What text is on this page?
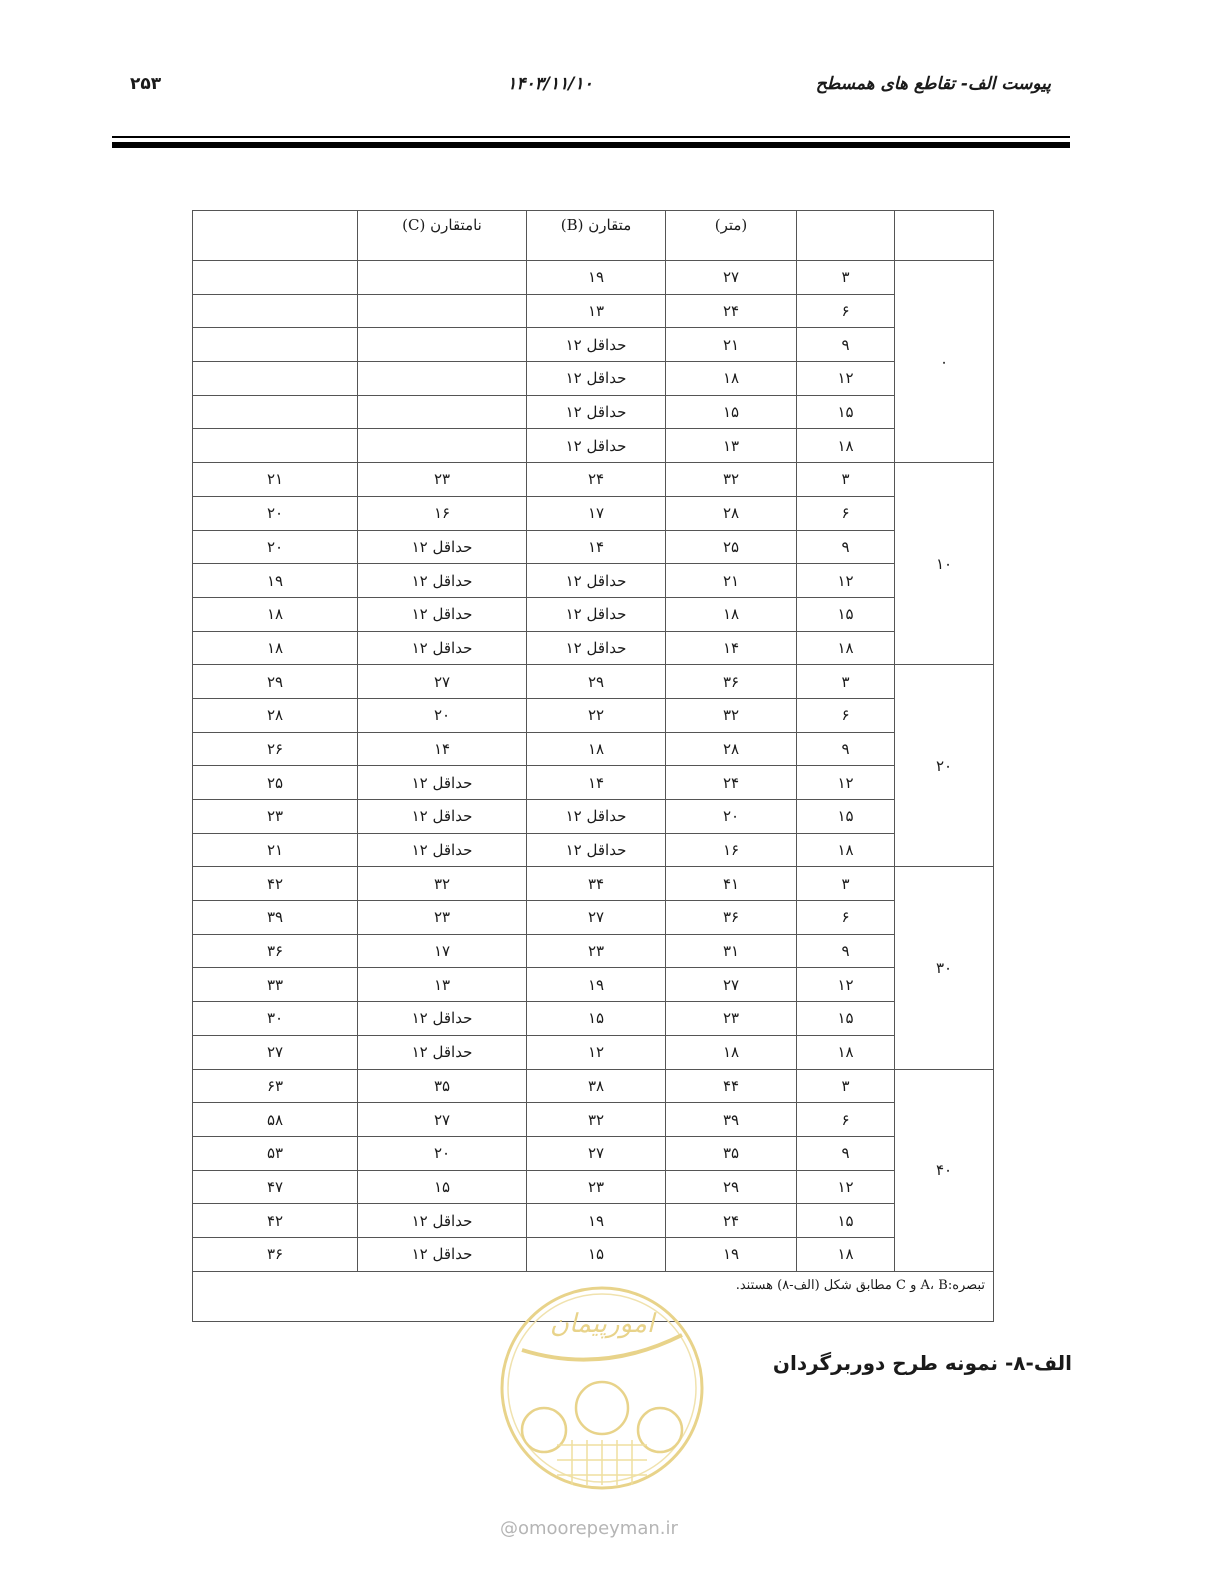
پیوست الف- تقاطع های همسطح
۱۴۰۳/۱۱/۱۰
۲۵۳
		(متر)	متقارن (B)	نامتقارن (C)	
۰	۳	۲۷	۱۹		
	۶	۲۴	۱۳		
	۹	۲۱	حداقل ۱۲		
	۱۲	۱۸	حداقل ۱۲		
	۱۵	۱۵	حداقل ۱۲		
	۱۸	۱۳	حداقل ۱۲		
۱۰	۳	۳۲	۲۴	۲۳	۲۱
	۶	۲۸	۱۷	۱۶	۲۰
	۹	۲۵	۱۴	حداقل ۱۲	۲۰
	۱۲	۲۱	حداقل ۱۲	حداقل ۱۲	۱۹
	۱۵	۱۸	حداقل ۱۲	حداقل ۱۲	۱۸
	۱۸	۱۴	حداقل ۱۲	حداقل ۱۲	۱۸
۲۰	۳	۳۶	۲۹	۲۷	۲۹
	۶	۳۲	۲۲	۲۰	۲۸
	۹	۲۸	۱۸	۱۴	۲۶
	۱۲	۲۴	۱۴	حداقل ۱۲	۲۵
	۱۵	۲۰	حداقل ۱۲	حداقل ۱۲	۲۳
	۱۸	۱۶	حداقل ۱۲	حداقل ۱۲	۲۱
۳۰	۳	۴۱	۳۴	۳۲	۴۲
	۶	۳۶	۲۷	۲۳	۳۹
	۹	۳۱	۲۳	۱۷	۳۶
	۱۲	۲۷	۱۹	۱۳	۳۳
	۱۵	۲۳	۱۵	حداقل ۱۲	۳۰
	۱۸	۱۸	۱۲	حداقل ۱۲	۲۷
۴۰	۳	۴۴	۳۸	۳۵	۶۳
	۶	۳۹	۳۲	۲۷	۵۸
	۹	۳۵	۲۷	۲۰	۵۳
	۱۲	۲۹	۲۳	۱۵	۴۷
	۱۵	۲۴	۱۹	حداقل ۱۲	۴۲
	۱۸	۱۹	۱۵	حداقل ۱۲	۳۶
تبصره:A، B و C مطابق شکل (الف-۸) هستند.					
الف-۸- نمونه طرح دوربرگردان
امورپیمان
@omoorepeyman.ir
